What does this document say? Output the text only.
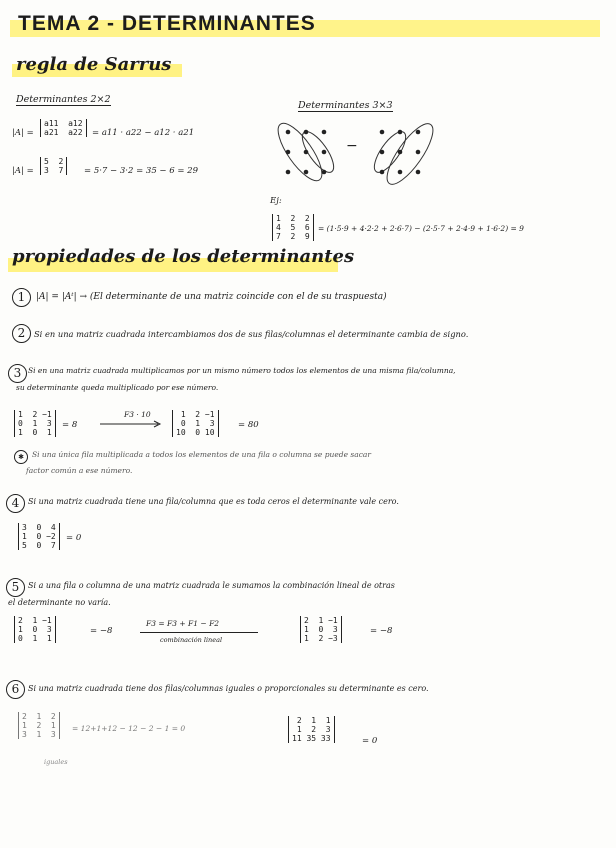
TEMA 2 - DETERMINANTES
regla de Sarrus
Determinantes 2×2
|A| =
a11  a12
a21  a22	= a11 · a22 − a12 · a21
|A| =
5  2
3  7	= 5·7 − 3·2 = 35 − 6 = 29
Determinantes 3×3
−
Ej:
1  2  2
4  5  6
7  2  9
= (1·5·9 + 4·2·2 + 2·6·7) − (2·5·7 + 2·4·9 + 1·6·2) = 9
propiedades de los determinantes
1	|A| = |Aᵗ| → (El determinante de una matriz coincide con el de su traspuesta)
2	Si en una matriz cuadrada intercambiamos dos de sus filas/columnas el determinante cambia de signo.
3 Si en una matriz cuadrada multiplicamos por un mismo número todos los elementos de una misma fila/columna,
su determinante queda multiplicado por ese número.
1  2 −1
0  1  3
1  0  1
= 8
F3 · 10	1  2 −1
0  1  3
10  0 10
= 80
✱	Si una única fila multiplicada a todos los elementos de una fila o columna se puede sacar
factor común a ese número.
4	Si una matriz cuadrada tiene una fila/columna que es toda ceros el determinante vale cero.
3  0  4
1  0 −2
5  0  7
= 0
5	Si a una fila o columna de una matriz cuadrada le sumamos la combinación lineal de otras
el determinante no varía.
2  1 −1
1  0  3
0  1  1
= −8
F3 = F3 + F1 − F2
combinación lineal
2  1 −1
1  0  3
1  2 −3
= −8
6	Si una matriz cuadrada tiene dos filas/columnas iguales o proporcionales su determinante es cero.
2  1  2
1  2  1
3  1  3
= 12+1+12 − 12 − 2 − 1 = 0
iguales
2  1  1
1  2  3
11 35 33	= 0
